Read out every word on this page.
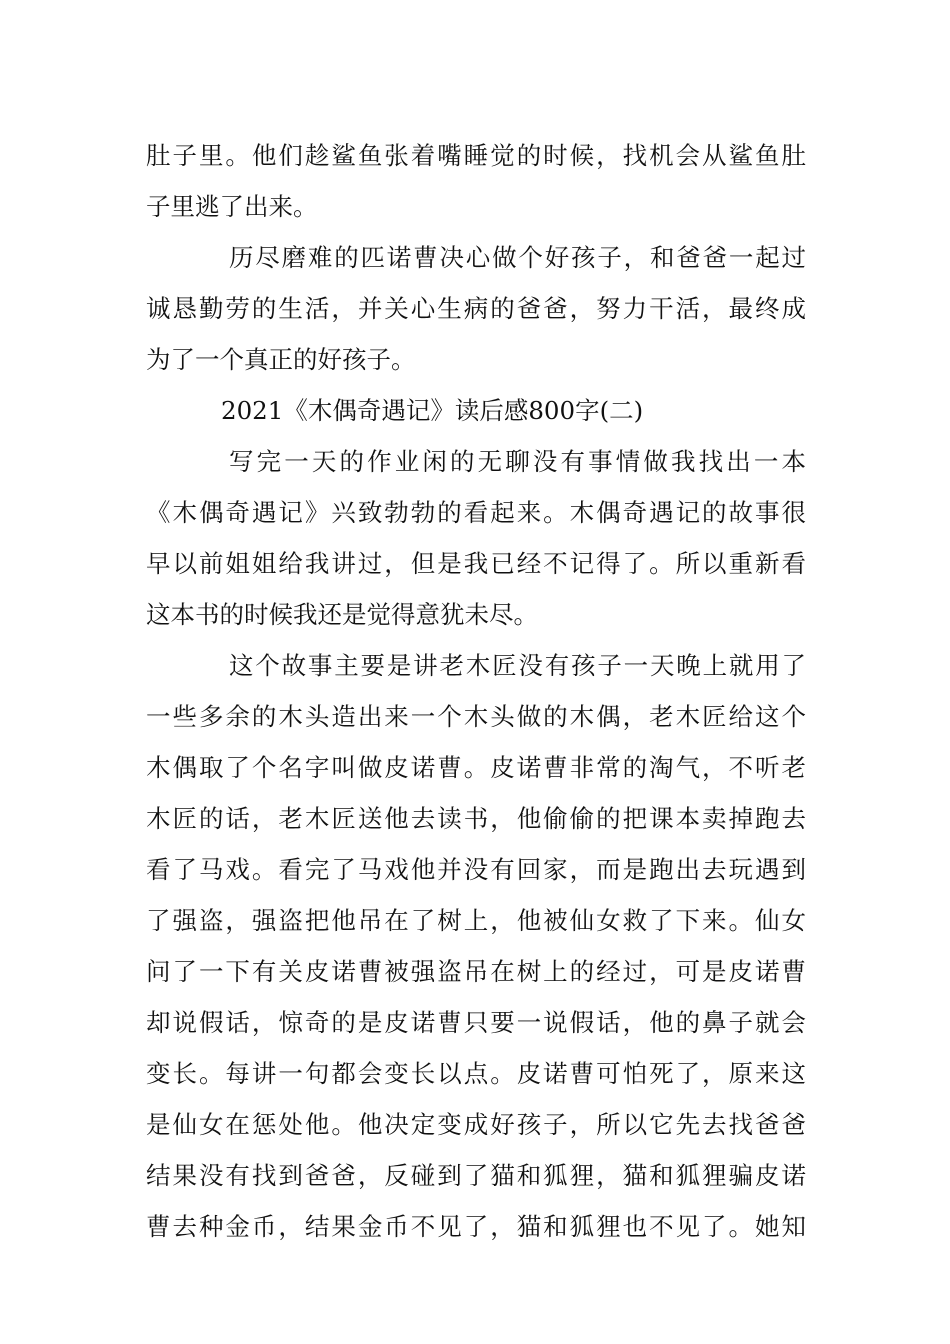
肚子里。他们趁鲨鱼张着嘴睡觉的时候，找机会从鲨鱼肚
子里逃了出来。
历尽磨难的匹诺曹决心做个好孩子，和爸爸一起过
诚恳勤劳的生活，并关心生病的爸爸，努力干活，最终成
为了一个真正的好孩子。
2021《木偶奇遇记》读后感800字(二)
写完一天的作业闲的无聊没有事情做我找出一本
《木偶奇遇记》兴致勃勃的看起来。木偶奇遇记的故事很
早以前姐姐给我讲过，但是我已经不记得了。所以重新看
这本书的时候我还是觉得意犹未尽。
这个故事主要是讲老木匠没有孩子一天晚上就用了
一些多余的木头造出来一个木头做的木偶，老木匠给这个
木偶取了个名字叫做皮诺曹。皮诺曹非常的淘气，不听老
木匠的话，老木匠送他去读书，他偷偷的把课本卖掉跑去
看了马戏。看完了马戏他并没有回家，而是跑出去玩遇到
了强盗，强盗把他吊在了树上，他被仙女救了下来。仙女
问了一下有关皮诺曹被强盗吊在树上的经过，可是皮诺曹
却说假话，惊奇的是皮诺曹只要一说假话，他的鼻子就会
变长。每讲一句都会变长以点。皮诺曹可怕死了，原来这
是仙女在惩处他。他决定变成好孩子，所以它先去找爸爸
结果没有找到爸爸，反碰到了猫和狐狸，猫和狐狸骗皮诺
曹去种金币，结果金币不见了，猫和狐狸也不见了。她知
